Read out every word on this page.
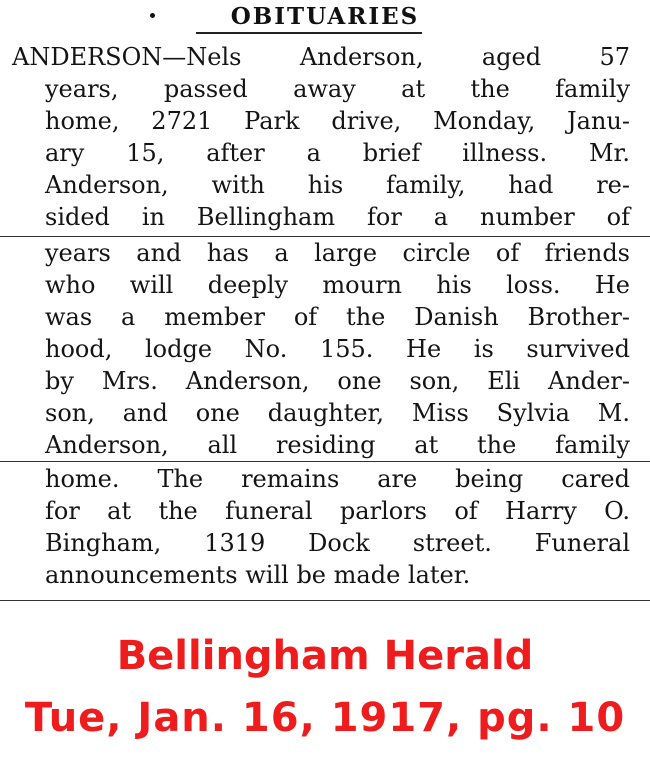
OBITUARIES
ANDERSON—Nels Anderson, aged 57
years, passed away at the family
home, 2721 Park drive, Monday, Janu-
ary 15, after a brief illness. Mr.
Anderson, with his family, had re-
sided in Bellingham for a number of
years and has a large circle of friends
who will deeply mourn his loss. He
was a member of the Danish Brother-
hood, lodge No. 155. He is survived
by Mrs. Anderson, one son, Eli Ander-
son, and one daughter, Miss Sylvia M.
Anderson, all residing at the family
home. The remains are being cared
for at the funeral parlors of Harry O.
Bingham, 1319 Dock street. Funeral
announcements will be made later.
Bellingham Herald
Tue, Jan. 16, 1917, pg. 10
